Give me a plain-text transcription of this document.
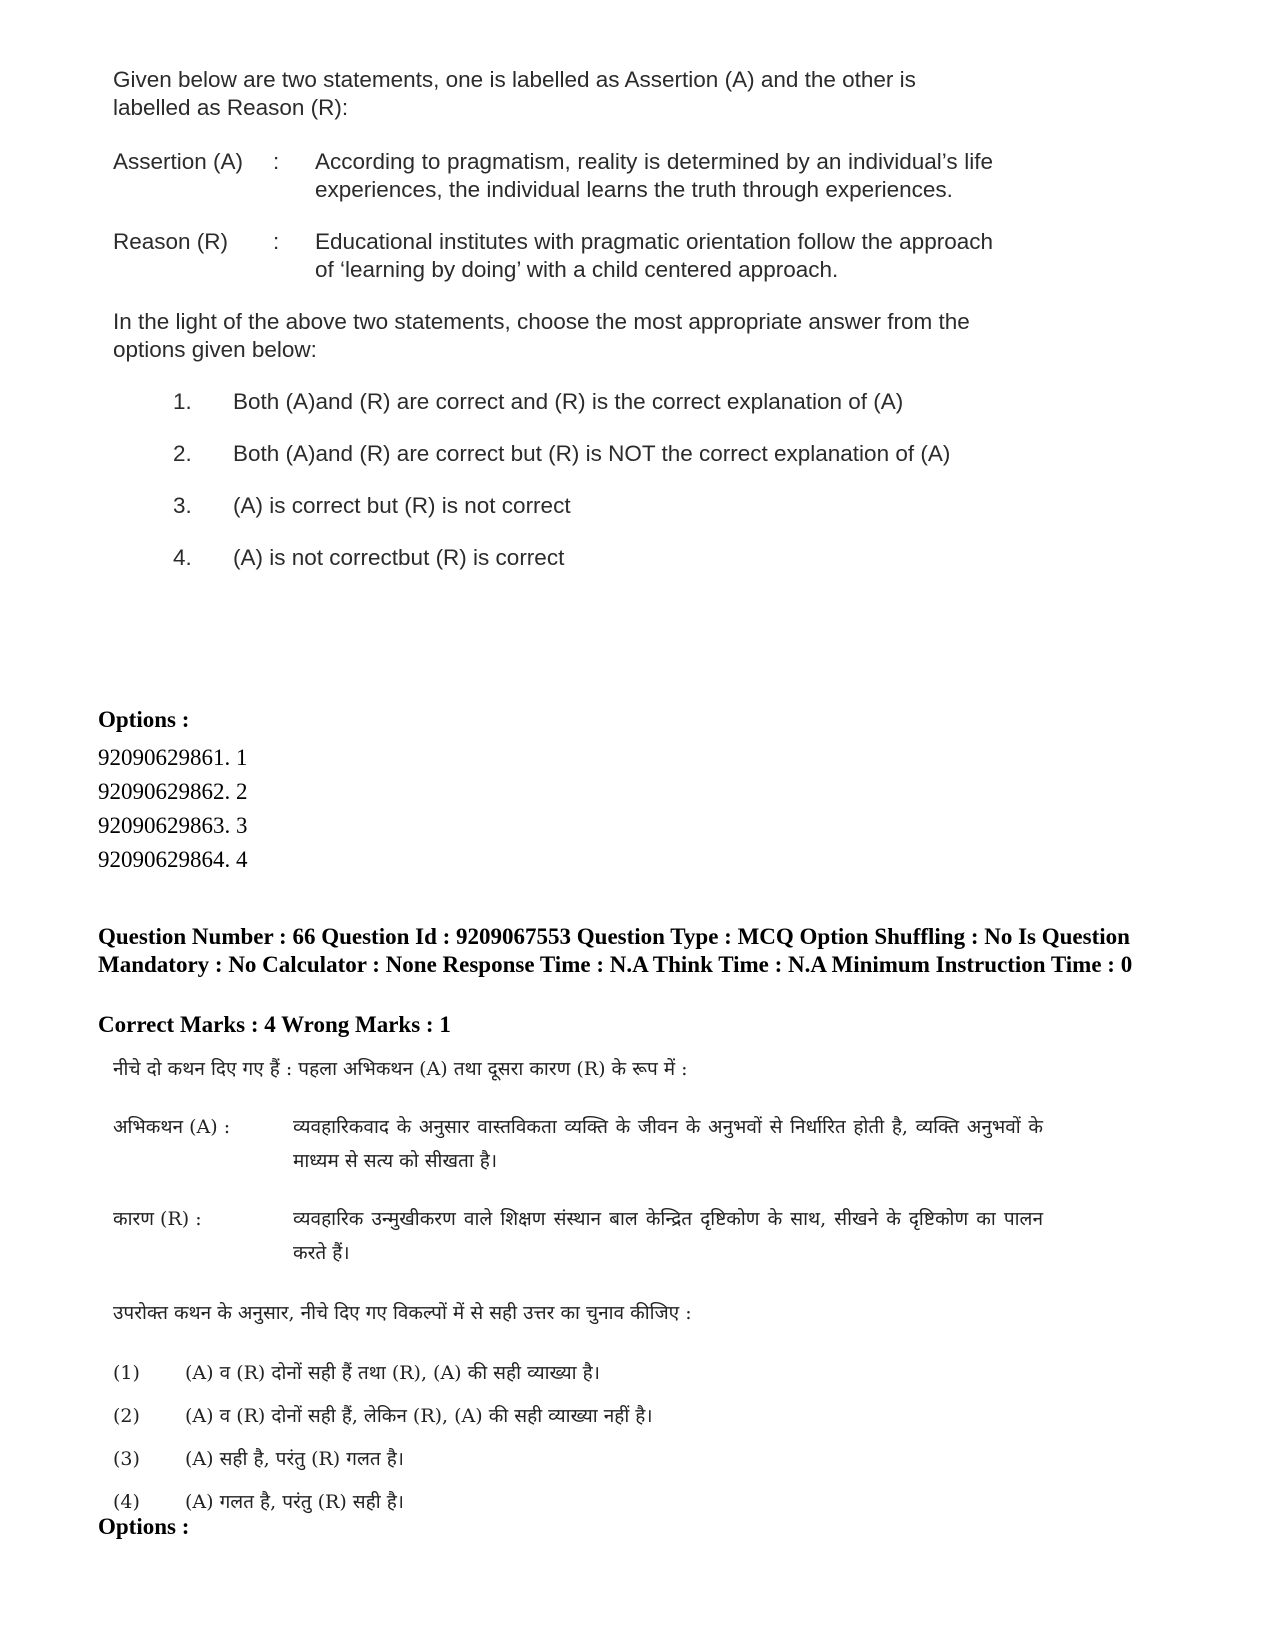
Given below are two statements, one is labelled as Assertion (A) and the other is labelled as Reason (R):

Assertion (A)	:	According to pragmatism, reality is determined by an individual’s life experiences, the individual learns the truth through experiences.
Reason (R)	:	Educational institutes with pragmatic orientation follow the approach of ‘learning by doing’ with a child centered approach.

In the light of the above two statements, choose the most appropriate answer from the options given below:

1.	Both (A)and (R) are correct and (R) is the correct explanation of (A)
2.	Both (A)and (R) are correct but (R) is NOT the correct explanation of (A)
3.	(A) is correct but (R) is not correct
4.	(A) is not correctbut (R) is correct
Options :
92090629861. 1
92090629862. 2
92090629863. 3
92090629864. 4
Question Number : 66 Question Id : 9209067553 Question Type : MCQ Option Shuffling : No Is Question Mandatory : No Calculator : None Response Time : N.A Think Time : N.A Minimum Instruction Time : 0
Correct Marks : 4 Wrong Marks : 1

नीचे दो कथन दिए गए हैं : पहला अभिकथन (A) तथा दूसरा कारण (R) के रूप में :

अभिकथन (A) :	व्यवहारिकवाद के अनुसार वास्तविकता व्यक्ति के जीवन के अनुभवों से निर्धारित होती है, व्यक्ति अनुभवों के माध्यम से सत्य को सीखता है।
कारण (R) :	व्यवहारिक उन्मुखीकरण वाले शिक्षण संस्थान बाल केन्द्रित दृष्टिकोण के साथ, सीखने के दृष्टिकोण का पालन करते हैं।

उपरोक्त कथन के अनुसार, नीचे दिए गए विकल्पों में से सही उत्तर का चुनाव कीजिए :

(1)	(A) व (R) दोनों सही हैं तथा (R), (A) की सही व्याख्या है।
(2)	(A) व (R) दोनों सही हैं, लेकिन (R), (A) की सही व्याख्या नहीं है।
(3)	(A) सही है, परंतु (R) गलत है।
(4)	(A) गलत है, परंतु (R) सही है।
Options :
